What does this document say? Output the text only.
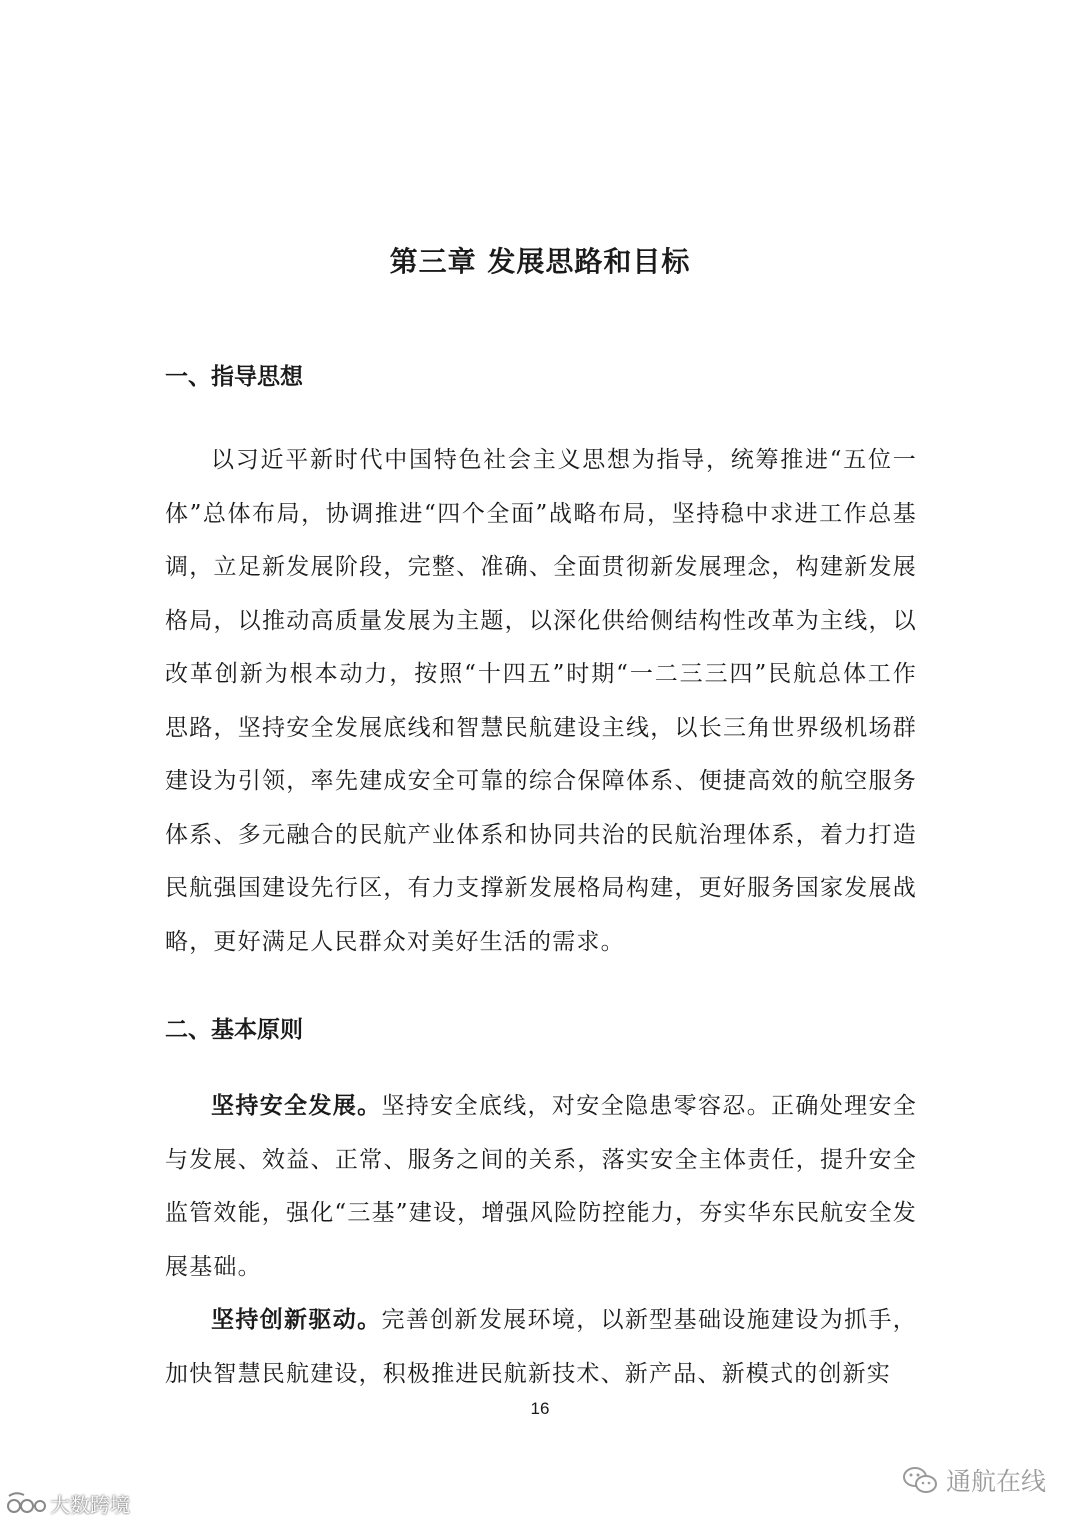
第三章 发展思路和目标
一、指导思想

以习近平新时代中国特色社会主义思想为指导，统筹推进“五位一体”总体布局，协调推进“四个全面”战略布局，坚持稳中求进工作总基调，立足新发展阶段，完整、准确、全面贯彻新发展理念，构建新发展格局，以推动高质量发展为主题，以深化供给侧结构性改革为主线，以改革创新为根本动力，按照“十四五”时期“一二三三四”民航总体工作思路，坚持安全发展底线和智慧民航建设主线，以长三角世界级机场群建设为引领，率先建成安全可靠的综合保障体系、便捷高效的航空服务体系、多元融合的民航产业体系和协同共治的民航治理体系，着力打造民航强国建设先行区，有力支撑新发展格局构建，更好服务国家发展战略，更好满足人民群众对美好生活的需求。

二、基本原则

坚持安全发展。坚持安全底线，对安全隐患零容忍。正确处理安全与发展、效益、正常、服务之间的关系，落实安全主体责任，提升安全监管效能，强化“三基”建设，增强风险防控能力，夯实华东民航安全发展基础。

坚持创新驱动。完善创新发展环境，以新型基础设施建设为抓手，加快智慧民航建设，积极推进民航新技术、新产品、新模式的创新实

16
大数跨境
通航在线
